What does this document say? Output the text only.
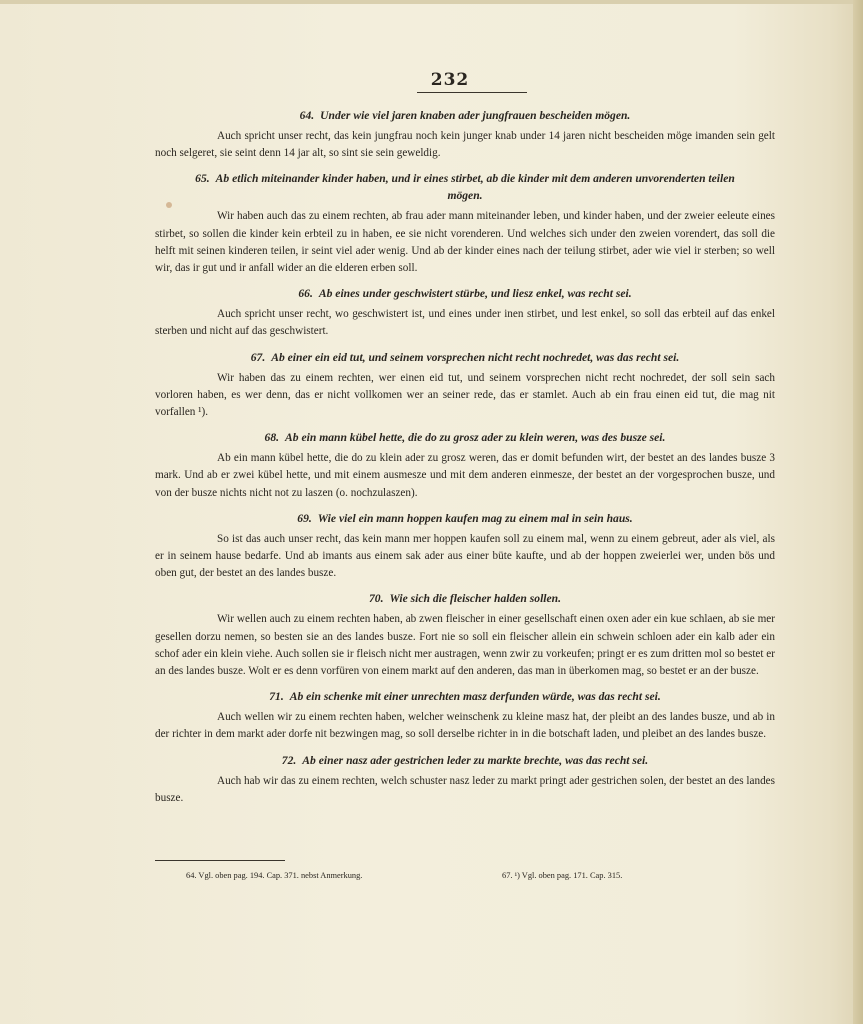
232
64. Under wie viel jaren knaben ader jungfrauen bescheiden mögen.
Auch spricht unser recht, das kein jungfrau noch kein junger knab under 14 jaren nicht bescheiden möge imanden sein gelt noch selgeret, sie seint denn 14 jar alt, so sint sie sein geweldig.
65. Ab etlich miteinander kinder haben, und ir eines stirbet, ab die kinder mit dem anderen unvorenderten teilen mögen.
Wir haben auch das zu einem rechten, ab frau ader mann miteinander leben, und kinder haben, und der zweier eeleute eines stirbet, so sollen die kinder kein erbteil zu in haben, ee sie nicht vorenderen. Und welches sich under den zweien vorendert, das soll die helft mit seinen kinderen teilen, ir seint viel ader wenig. Und ab der kinder eines nach der teilung stirbet, ader wie viel ir sterben; so well wir, das ir gut und ir anfall wider an die elderen erben soll.
66. Ab eines under geschwistert stürbe, und liesz enkel, was recht sei.
Auch spricht unser recht, wo geschwistert ist, und eines under inen stirbet, und lest enkel, so soll das erbteil auf das enkel sterben und nicht auf das geschwistert.
67. Ab einer ein eid tut, und seinem vorsprechen nicht recht nochredet, was das recht sei.
Wir haben das zu einem rechten, wer einen eid tut, und seinem vorsprechen nicht recht nochredet, der soll sein sach vorloren haben, es wer denn, das er nicht vollkomen wer an seiner rede, das er stamlet. Auch ab ein frau einen eid tut, die mag nit vorfallen ¹).
68. Ab ein mann kübel hette, die do zu grosz ader zu klein weren, was des busze sei.
Ab ein mann kübel hette, die do zu klein ader zu grosz weren, das er domit befunden wirt, der bestet an des landes busze 3 mark. Und ab er zwei kübel hette, und mit einem ausmesze und mit dem anderen einmesze, der bestet an der vorgesprochen busze, und von der busze nichts nicht not zu laszen (o. nochzulaszen).
69. Wie viel ein mann hoppen kaufen mag zu einem mal in sein haus.
So ist das auch unser recht, das kein mann mer hoppen kaufen soll zu einem mal, wenn zu einem gebreut, ader als viel, als er in seinem hause bedarfe. Und ab imants aus einem sak ader aus einer büte kaufte, und ab der hoppen zweierlei wer, unden bös und oben gut, der bestet an des landes busze.
70. Wie sich die fleischer halden sollen.
Wir wellen auch zu einem rechten haben, ab zwen fleischer in einer gesellschaft einen oxen ader ein kue schlaen, ab sie mer gesellen dorzu nemen, so besten sie an des landes busze. Fort nie so soll ein fleischer allein ein schwein schloen ader ein kalb ader ein schof ader ein klein viehe. Auch sollen sie ir fleisch nicht mer austragen, wenn zwir zu vorkeufen; pringt er es zum dritten mol so bestet er an des landes busze. Wolt er es denn vorfüren von einem markt auf den anderen, das man in überkomen mag, so bestet er an der busze.
71. Ab ein schenke mit einer unrechten masz derfunden würde, was das recht sei.
Auch wellen wir zu einem rechten haben, welcher weinschenk zu kleine masz hat, der pleibt an des landes busze, und ab in der richter in dem markt ader dorfe nit bezwingen mag, so soll derselbe richter in in die botschaft laden, und pleibet an des landes busze.
72. Ab einer nasz ader gestrichen leder zu markte brechte, was das recht sei.
Auch hab wir das zu einem rechten, welch schuster nasz leder zu markt pringt ader gestrichen solen, der bestet an des landes busze.
64. Vgl. oben pag. 194. Cap. 371. nebst Anmerkung.	67. ¹) Vgl. oben pag. 171. Cap. 315.
